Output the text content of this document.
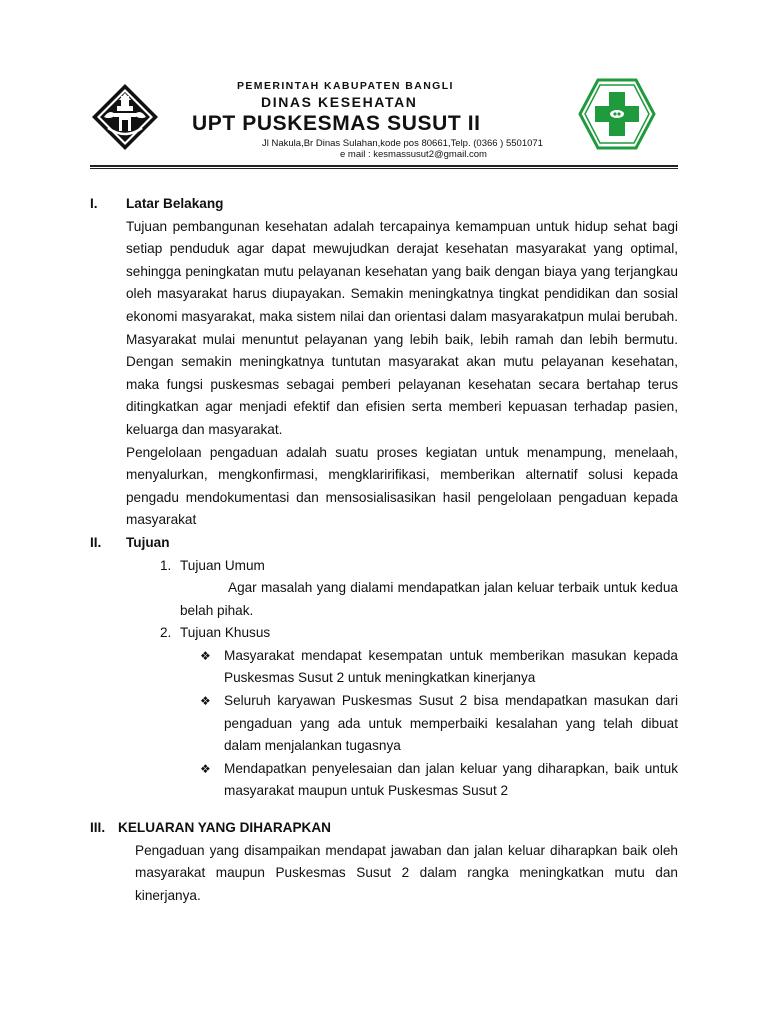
PEMERINTAH KABUPATEN BANGLI
DINAS KESEHATAN
UPT PUSKESMAS SUSUT II
Jl Nakula,Br Dinas Sulahan,kode pos 80661,Telp. (0366 ) 5501071
e mail : kesmassusut2@gmail.com
I. Latar Belakang
Tujuan pembangunan kesehatan adalah tercapainya kemampuan untuk hidup sehat bagi setiap penduduk agar dapat mewujudkan derajat kesehatan masyarakat yang optimal, sehingga peningkatan mutu pelayanan kesehatan yang baik dengan biaya yang terjangkau oleh masyarakat harus diupayakan. Semakin meningkatnya tingkat pendidikan dan sosial ekonomi masyarakat, maka sistem nilai dan orientasi dalam masyarakatpun mulai berubah. Masyarakat mulai menuntut pelayanan yang lebih baik, lebih ramah dan lebih bermutu. Dengan semakin meningkatnya tuntutan masyarakat akan mutu pelayanan kesehatan, maka fungsi puskesmas sebagai pemberi pelayanan kesehatan secara bertahap terus ditingkatkan agar menjadi efektif dan efisien serta memberi kepuasan terhadap pasien, keluarga dan masyarakat.
Pengelolaan pengaduan adalah suatu proses kegiatan untuk menampung, menelaah, menyalurkan, mengkonfirmasi, mengklaririfikasi, memberikan alternatif solusi kepada pengadu mendokumentasi dan mensosialisasikan hasil pengelolaan pengaduan kepada masyarakat
II. Tujuan
1. Tujuan Umum
Agar masalah yang dialami mendapatkan jalan keluar terbaik untuk kedua belah pihak.
2. Tujuan Khusus
❖ Masyarakat mendapat kesempatan untuk memberikan masukan kepada Puskesmas Susut 2 untuk meningkatkan kinerjanya
❖ Seluruh karyawan Puskesmas Susut 2 bisa mendapatkan masukan dari pengaduan yang ada untuk memperbaiki kesalahan yang telah dibuat dalam menjalankan tugasnya
❖ Mendapatkan penyelesaian dan jalan keluar yang diharapkan, baik untuk masyarakat maupun untuk Puskesmas Susut 2
III. KELUARAN YANG DIHARAPKAN
Pengaduan yang disampaikan mendapat jawaban dan jalan keluar diharapkan baik oleh masyarakat maupun Puskesmas Susut 2 dalam rangka meningkatkan mutu dan kinerjanya.
